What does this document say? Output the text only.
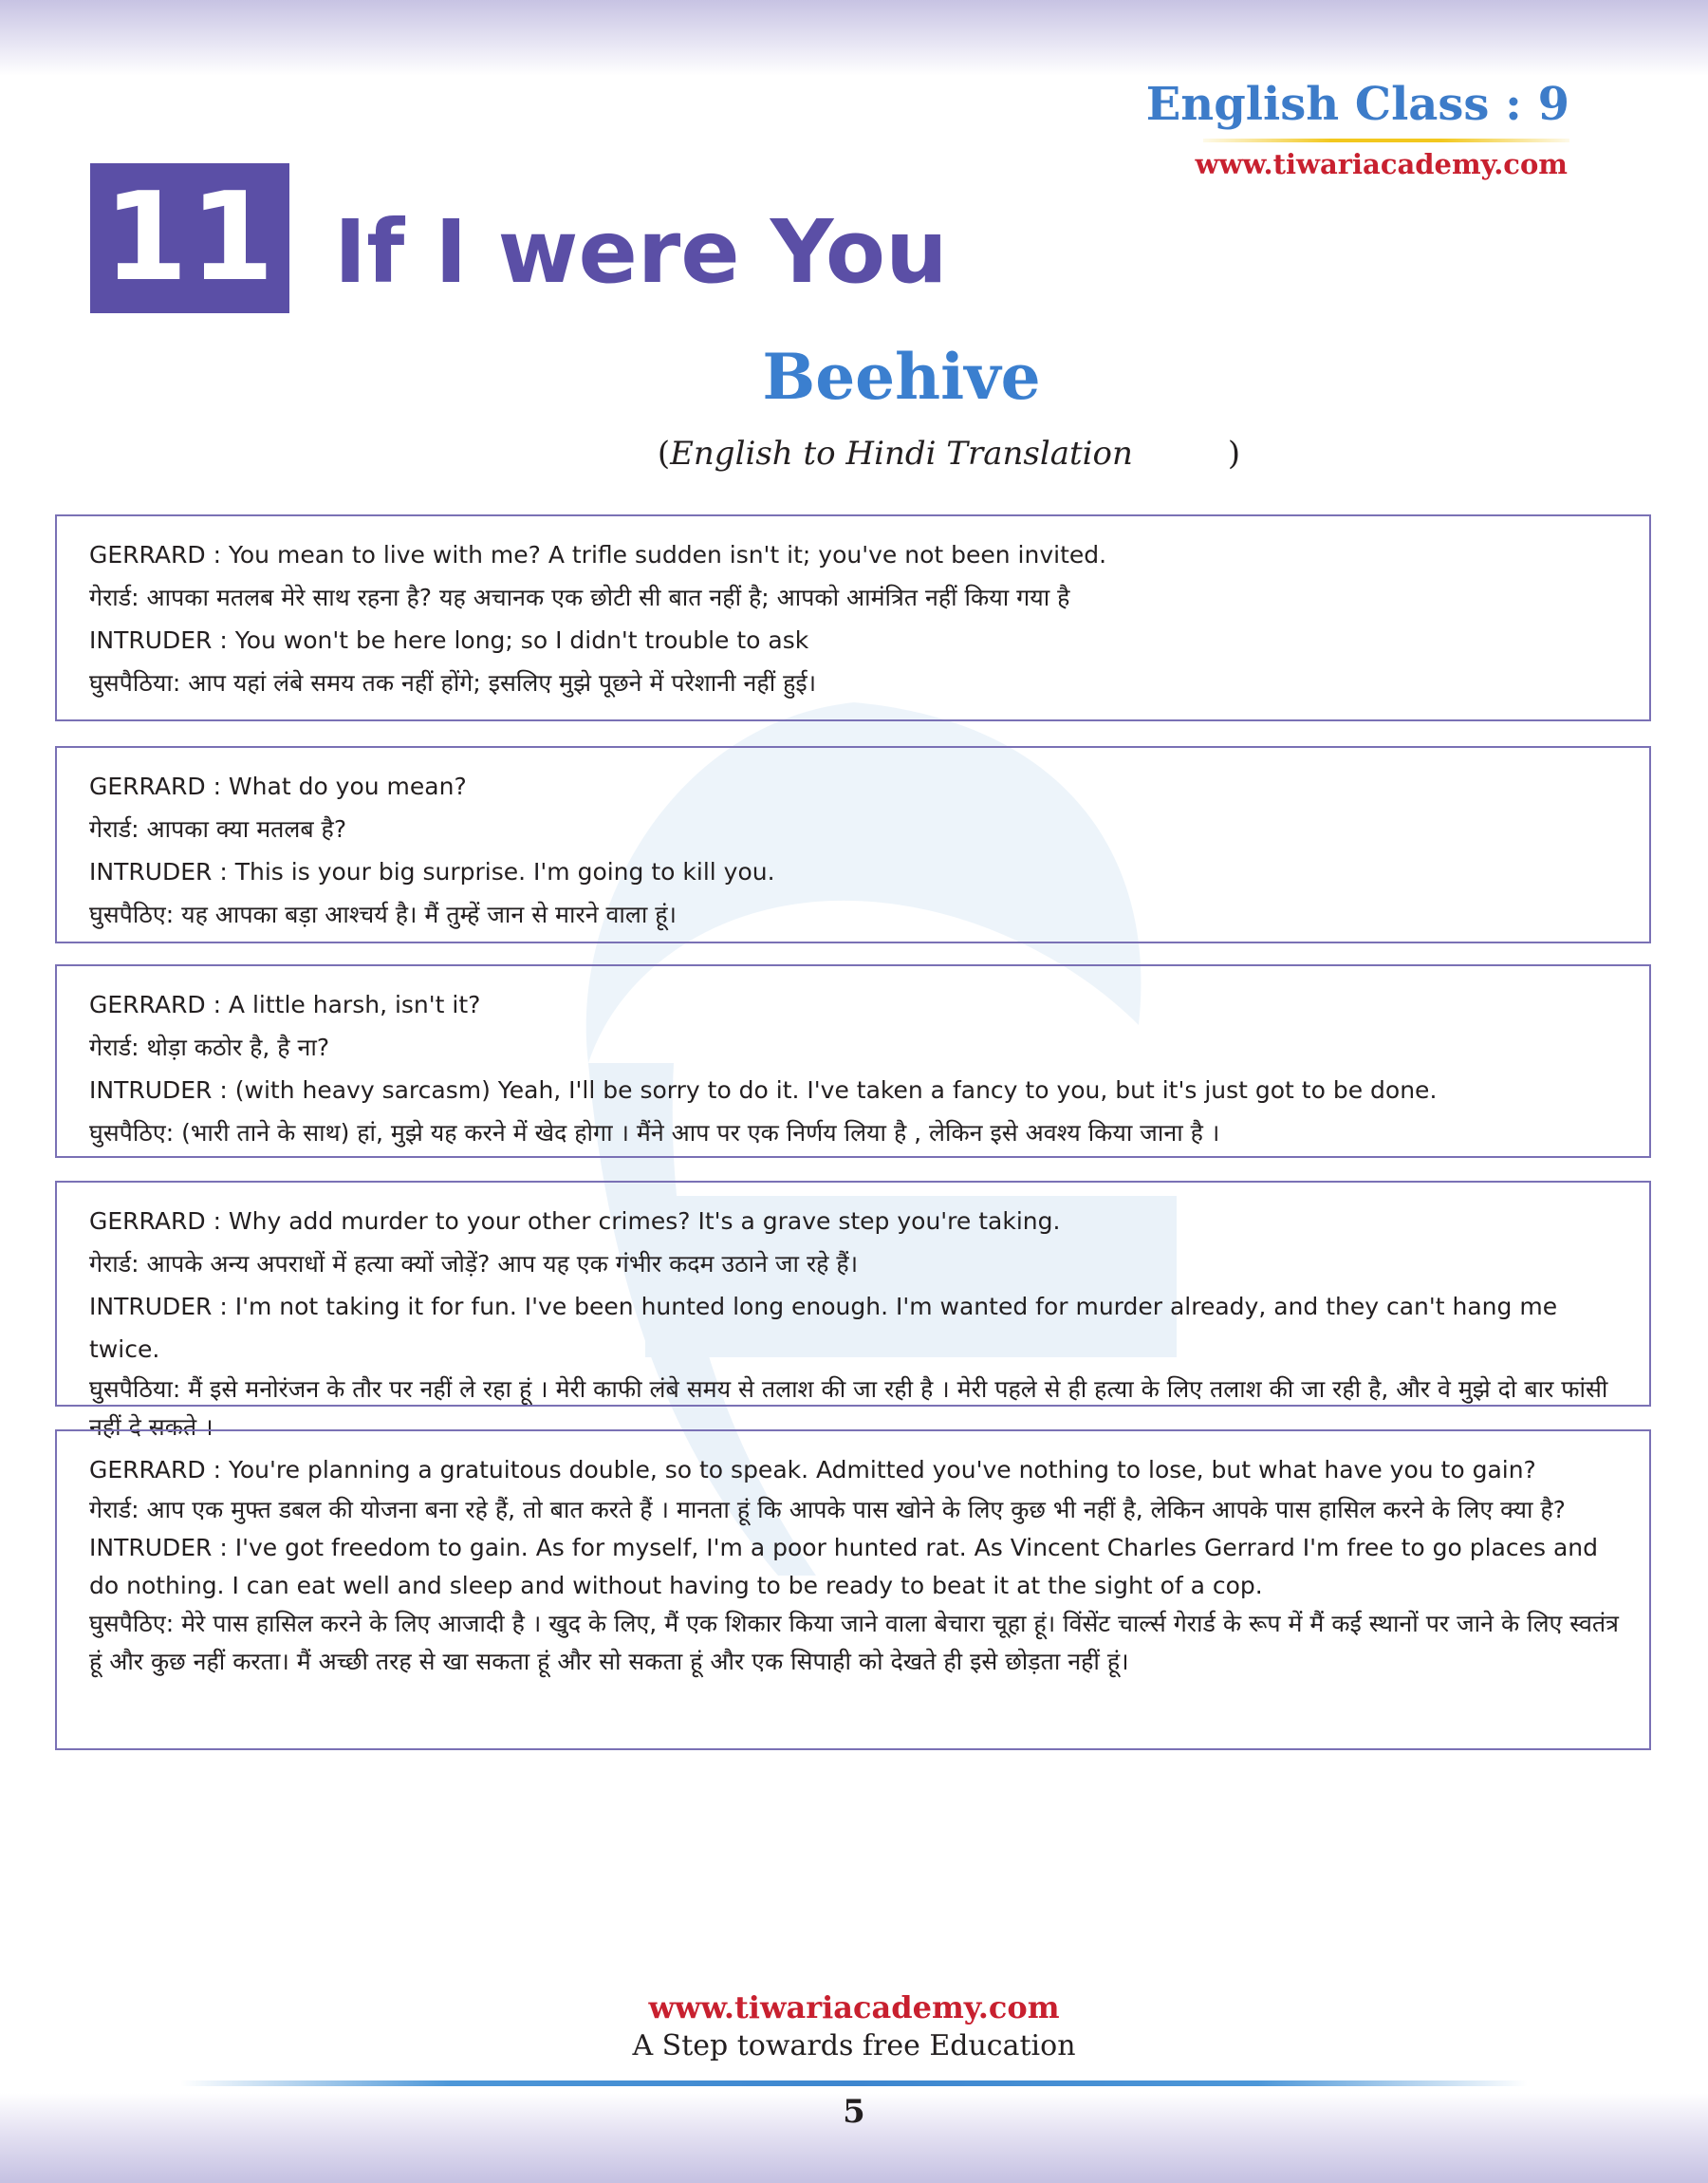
English Class : 9
www.tiwariacademy.com
11 If I were You
Beehive
(English to Hindi Translation	)
GERRARD : You mean to live with me? A trifle sudden isn't it; you've not been invited.
गेरार्ड: आपका मतलब मेरे साथ रहना है? यह अचानक एक छोटी सी बात नहीं है; आपको आमंत्रित नहीं किया गया है
INTRUDER : You won't be here long; so I didn't trouble to ask
घुसपैठिया: आप यहां लंबे समय तक नहीं होंगे; इसलिए मुझे पूछने में परेशानी नहीं हुई।
GERRARD : What do you mean?
गेरार्ड: आपका क्या मतलब है?
INTRUDER : This is your big surprise. I'm going to kill you.
घुसपैठिए: यह आपका बड़ा आश्चर्य है। मैं तुम्हें जान से मारने वाला हूं।
GERRARD : A little harsh, isn't it?
गेरार्ड: थोड़ा कठोर है, है ना?
INTRUDER : (with heavy sarcasm) Yeah, I'll be sorry to do it. I've taken a fancy to you, but it's just got to be done.
घुसपैठिए: (भारी ताने के साथ) हां, मुझे यह करने में खेद होगा । मैंने आप पर एक निर्णय लिया है , लेकिन इसे अवश्य किया जाना है ।
GERRARD : Why add murder to your other crimes? It's a grave step you're taking.
गेरार्ड: आपके अन्य अपराधों में हत्या क्यों जोड़ें? आप यह एक गंभीर कदम उठाने जा रहे हैं।
INTRUDER : I'm not taking it for fun. I've been hunted long enough. I'm wanted for murder already, and they can't hang me twice.
घुसपैठिया: मैं इसे मनोरंजन के तौर पर नहीं ले रहा हूं । मेरी काफी लंबे समय से तलाश की जा रही है । मेरी पहले से ही हत्या के लिए तलाश की जा रही है, और वे मुझे दो बार फांसी नहीं दे सकते ।
GERRARD : You're planning a gratuitous double, so to speak. Admitted you've nothing to lose, but what have you to gain?
गेरार्ड: आप एक मुफ्त डबल की योजना बना रहे हैं, तो बात करते हैं । मानता हूं कि आपके पास खोने के लिए कुछ भी नहीं है, लेकिन आपके पास हासिल करने के लिए क्या है?
INTRUDER : I've got freedom to gain. As for myself, I'm a poor hunted rat. As Vincent Charles Gerrard I'm free to go places and do nothing. I can eat well and sleep and without having to be ready to beat it at the sight of a cop.
घुसपैठिए: मेरे पास हासिल करने के लिए आजादी है । खुद के लिए, मैं एक शिकार किया जाने वाला बेचारा चूहा हूं। विंसेंट चार्ल्स गेरार्ड के रूप में मैं कई स्थानों पर जाने के लिए स्वतंत्र हूं और कुछ नहीं करता। मैं अच्छी तरह से खा सकता हूं और सो सकता हूं और एक सिपाही को देखते ही इसे छोड़ता नहीं हूं।
www.tiwariacademy.com
A Step towards free Education
5
